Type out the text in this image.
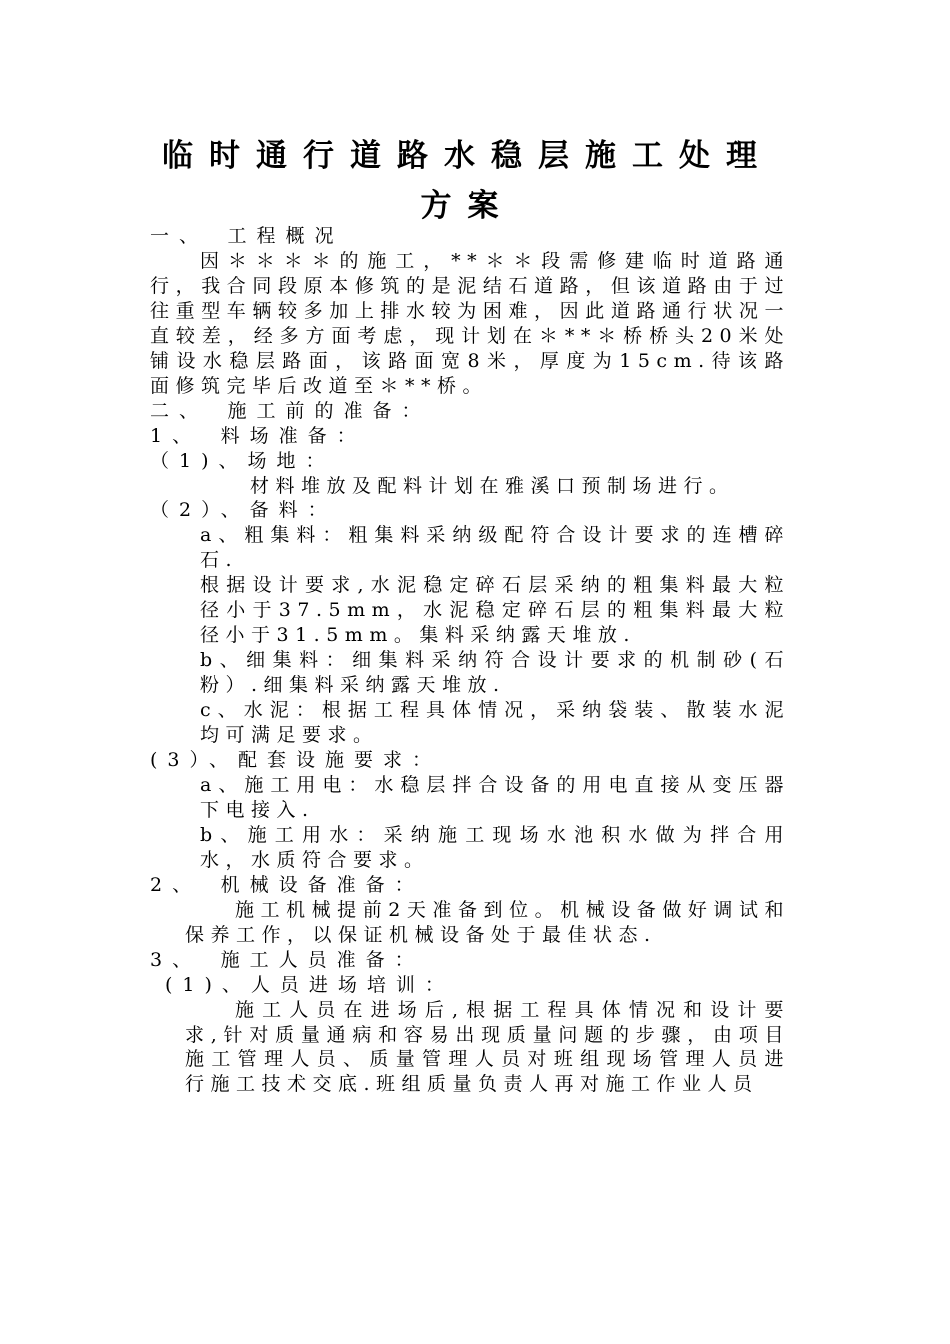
临时通行道路水稳层施工处理
方案

一、　工程概况

因＊＊＊＊的施工，**＊＊段需修建临时道路通行，我合同段原本修筑的是泥结石道路，但该道路由于过往重型车辆较多加上排水较为困难，因此道路通行状况一直较差，经多方面考虑，现计划在＊**＊桥桥头20米处铺设水稳层路面，该路面宽8米，厚度为15cm.待该路面修筑完毕后改道至＊**桥。

二、　施工前的准备：

1、　料场准备：

（1)、场地：

材料堆放及配料计划在雅溪口预制场进行。

（2）、备料：

a、粗集料：粗集料采纳级配符合设计要求的连槽碎石.

根据设计要求,水泥稳定碎石层采纳的粗集料最大粒径小于37.5mm，水泥稳定碎石层的粗集料最大粒径小于31.5mm。集料采纳露天堆放.

b、细集料：细集料采纳符合设计要求的机制砂(石粉）.细集料采纳露天堆放.

c、水泥：根据工程具体情况，采纳袋装、散装水泥均可满足要求。

(3）、配套设施要求：

a、施工用电：水稳层拌合设备的用电直接从变压器下电接入.

b、施工用水：采纳施工现场水池积水做为拌合用水，水质符合要求。

2、　机械设备准备：

施工机械提前2天准备到位。机械设备做好调试和保养工作，以保证机械设备处于最佳状态.

3、　施工人员准备：

(1)、人员进场培训：

施工人员在进场后,根据工程具体情况和设计要求,针对质量通病和容易出现质量问题的步骤，由项目施工管理人员、质量管理人员对班组现场管理人员进行施工技术交底.班组质量负责人再对施工作业人员
